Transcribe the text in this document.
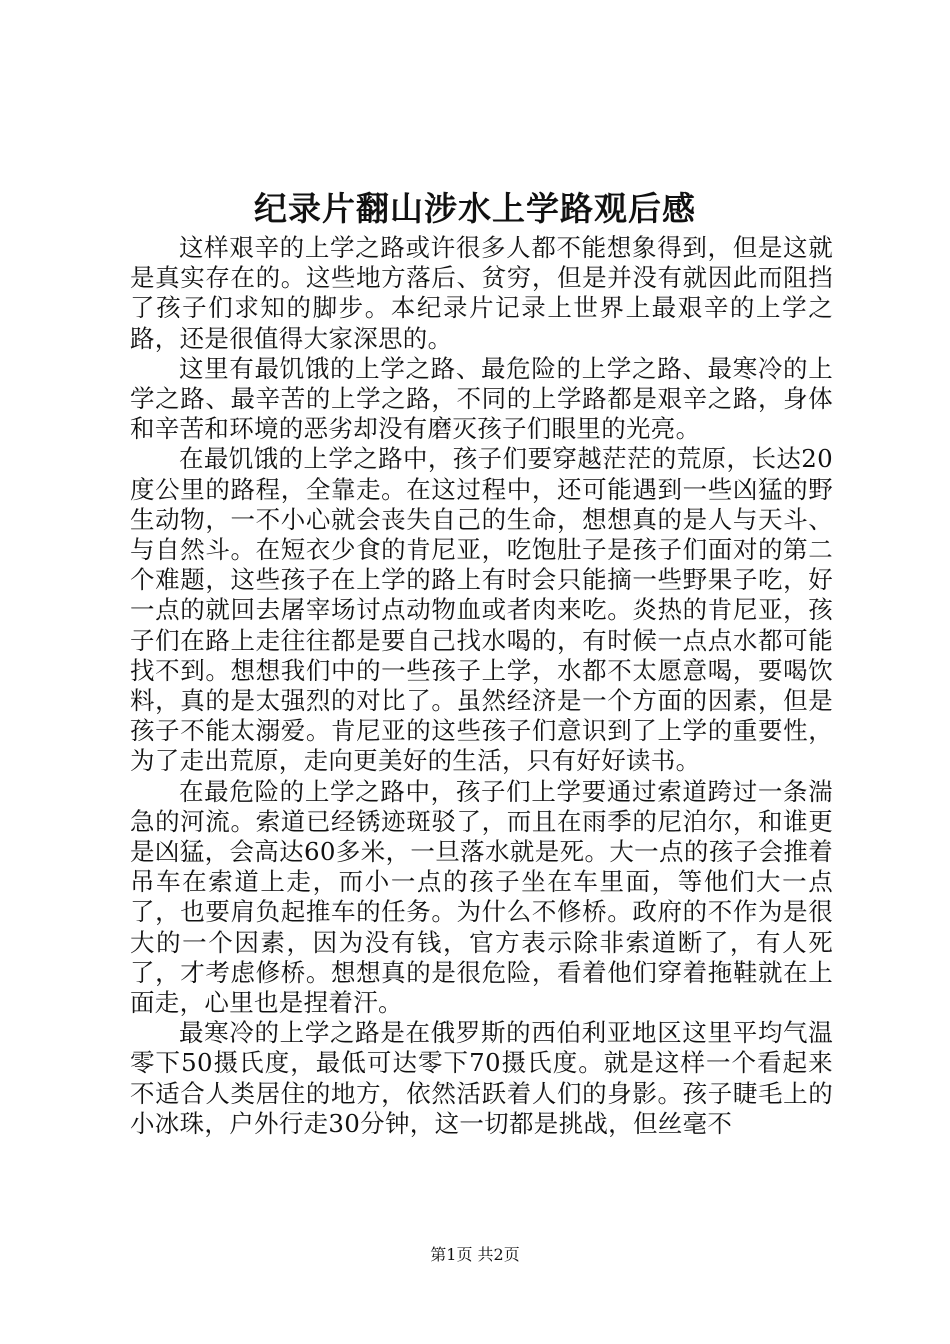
纪录片翻山涉水上学路观后感

这样艰辛的上学之路或许很多人都不能想象得到，但是这就是真实存在的。这些地方落后、贫穷，但是并没有就因此而阻挡了孩子们求知的脚步。本纪录片记录上世界上最艰辛的上学之路，还是很值得大家深思的。

这里有最饥饿的上学之路、最危险的上学之路、最寒冷的上学之路、最辛苦的上学之路，不同的上学路都是艰辛之路，身体和辛苦和环境的恶劣却没有磨灭孩子们眼里的光亮。

在最饥饿的上学之路中，孩子们要穿越茫茫的荒原，长达20度公里的路程，全靠走。在这过程中，还可能遇到一些凶猛的野生动物，一不小心就会丧失自己的生命，想想真的是人与天斗、与自然斗。在短衣少食的肯尼亚，吃饱肚子是孩子们面对的第二个难题，这些孩子在上学的路上有时会只能摘一些野果子吃，好一点的就回去屠宰场讨点动物血或者肉来吃。炎热的肯尼亚，孩子们在路上走往往都是要自己找水喝的，有时候一点点水都可能找不到。想想我们中的一些孩子上学，水都不太愿意喝，要喝饮料，真的是太强烈的对比了。虽然经济是一个方面的因素，但是孩子不能太溺爱。肯尼亚的这些孩子们意识到了上学的重要性，为了走出荒原，走向更美好的生活，只有好好读书。

在最危险的上学之路中，孩子们上学要通过索道跨过一条湍急的河流。索道已经锈迹斑驳了，而且在雨季的尼泊尔，和谁更是凶猛，会高达60多米，一旦落水就是死。大一点的孩子会推着吊车在索道上走，而小一点的孩子坐在车里面，等他们大一点了，也要肩负起推车的任务。为什么不修桥。政府的不作为是很大的一个因素，因为没有钱，官方表示除非索道断了，有人死了，才考虑修桥。想想真的是很危险，看着他们穿着拖鞋就在上面走，心里也是捏着汗。

最寒冷的上学之路是在俄罗斯的西伯利亚地区这里平均气温零下50摄氏度，最低可达零下70摄氏度。就是这样一个看起来不适合人类居住的地方，依然活跃着人们的身影。孩子睫毛上的小冰珠，户外行走30分钟，这一切都是挑战，但丝毫不

第1页 共2页
